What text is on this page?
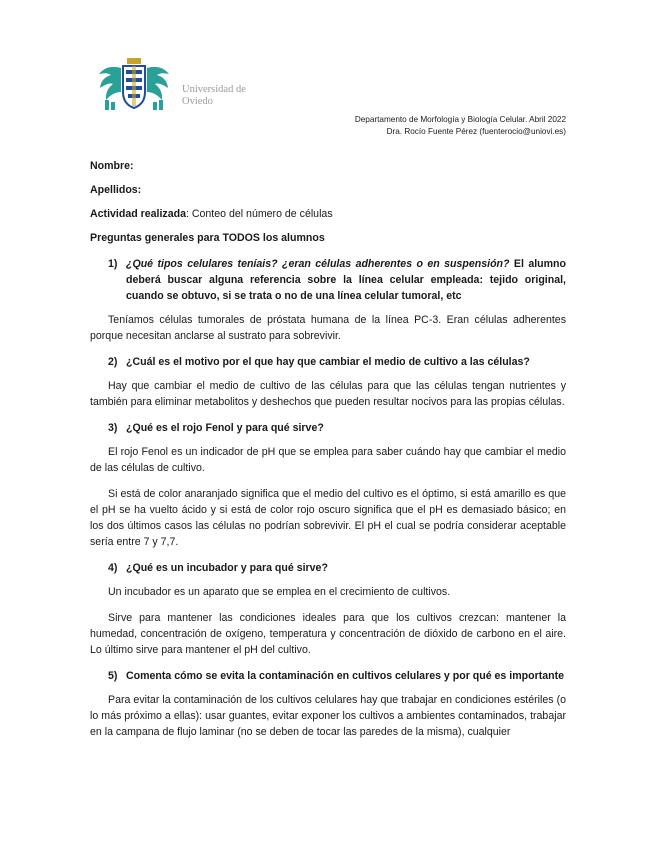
Universidad de
Oviedo
Departamento de Morfología y Biología Celular. Abril 2022
Dra. Rocío Fuente Pérez (fuenterocio@uniovi.es)
Nombre:
Apellidos:
Actividad realizada: Conteo del número de células
Preguntas generales para TODOS los alumnos
1) ¿Qué tipos celulares teníais? ¿eran células adherentes o en suspensión? El alumno deberá buscar alguna referencia sobre la línea celular empleada: tejido original, cuando se obtuvo, si se trata o no de una línea celular tumoral, etc

Teníamos células tumorales de próstata humana de la línea PC-3. Eran células adherentes porque necesitan anclarse al sustrato para sobrevivir.

2) ¿Cuál es el motivo por el que hay que cambiar el medio de cultivo a las células?

Hay que cambiar el medio de cultivo de las células para que las células tengan nutrientes y también para eliminar metabolitos y deshechos que pueden resultar nocivos para las propias células.

3) ¿Qué es el rojo Fenol y para qué sirve?

El rojo Fenol es un indicador de pH que se emplea para saber cuándo hay que cambiar el medio de las células de cultivo.

Si está de color anaranjado significa que el medio del cultivo es el óptimo, si está amarillo es que el pH se ha vuelto ácido y si está de color rojo oscuro significa que el pH es demasiado básico; en los dos últimos casos las células no podrían sobrevivir. El pH el cual se podría considerar aceptable sería entre 7 y 7,7.

4) ¿Qué es un incubador y para qué sirve?

Un incubador es un aparato que se emplea en el crecimiento de cultivos.

Sirve para mantener las condiciones ideales para que los cultivos crezcan: mantener la humedad, concentración de oxígeno, temperatura y concentración de dióxido de carbono en el aire. Lo último sirve para mantener el pH del cultivo.

5) Comenta cómo se evita la contaminación en cultivos celulares y por qué es importante

Para evitar la contaminación de los cultivos celulares hay que trabajar en condiciones estériles (o lo más próximo a ellas): usar guantes, evitar exponer los cultivos a ambientes contaminados, trabajar en la campana de flujo laminar (no se deben de tocar las paredes de la misma), cualquier
